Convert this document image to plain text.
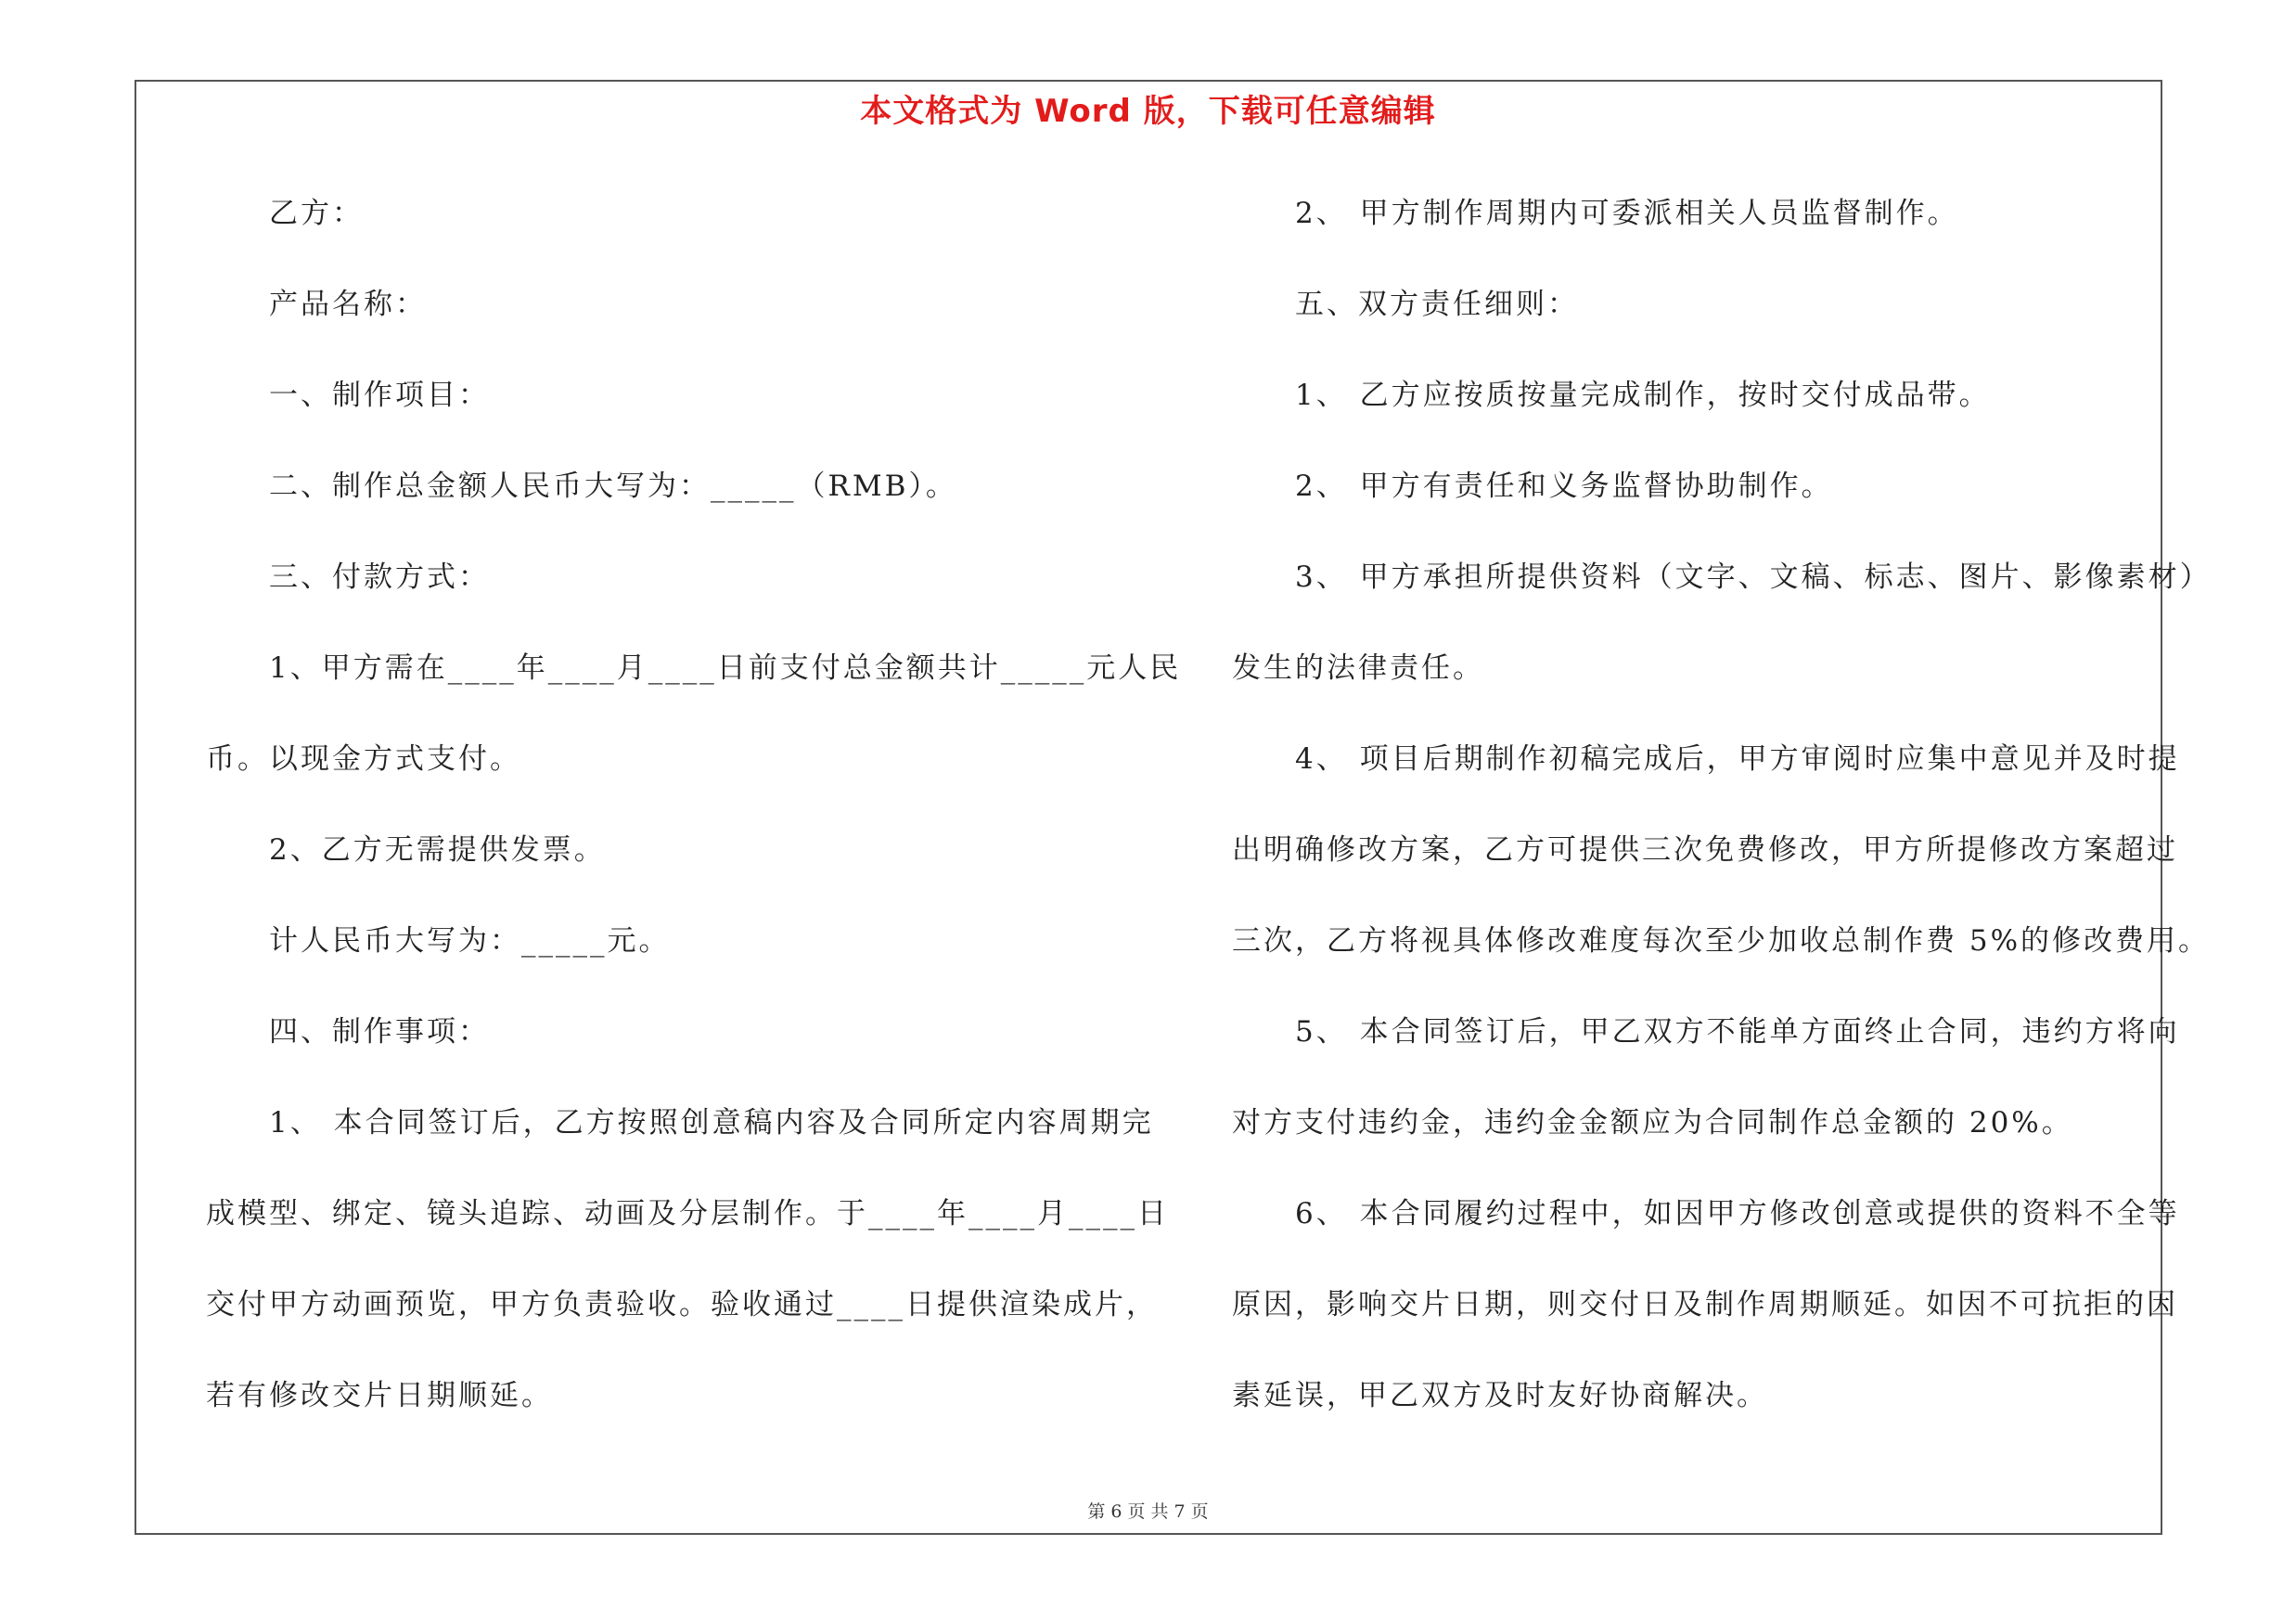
本文格式为 Word 版，下载可任意编辑
乙方：
产品名称：
一、制作项目：
二、制作总金额人民币大写为：_____（RMB）。
三、付款方式：
1、甲方需在____年____月____日前支付总金额共计_____元人民
币。以现金方式支付。
2、乙方无需提供发票。
计人民币大写为：_____元。
四、制作事项：
1、 本合同签订后，乙方按照创意稿内容及合同所定内容周期完
成模型、绑定、镜头追踪、动画及分层制作。于____年____月____日
交付甲方动画预览，甲方负责验收。验收通过____日提供渲染成片，
若有修改交片日期顺延。
2、 甲方制作周期内可委派相关人员监督制作。
五、双方责任细则：
1、 乙方应按质按量完成制作，按时交付成品带。
2、 甲方有责任和义务监督协助制作。
3、 甲方承担所提供资料（文字、文稿、标志、图片、影像素材）
发生的法律责任。
4、 项目后期制作初稿完成后，甲方审阅时应集中意见并及时提
出明确修改方案，乙方可提供三次免费修改，甲方所提修改方案超过
三次，乙方将视具体修改难度每次至少加收总制作费 5%的修改费用。
5、 本合同签订后，甲乙双方不能单方面终止合同，违约方将向
对方支付违约金，违约金金额应为合同制作总金额的 20%。
6、 本合同履约过程中，如因甲方修改创意或提供的资料不全等
原因，影响交片日期，则交付日及制作周期顺延。如因不可抗拒的因
素延误，甲乙双方及时友好协商解决。
第 6 页 共 7 页
